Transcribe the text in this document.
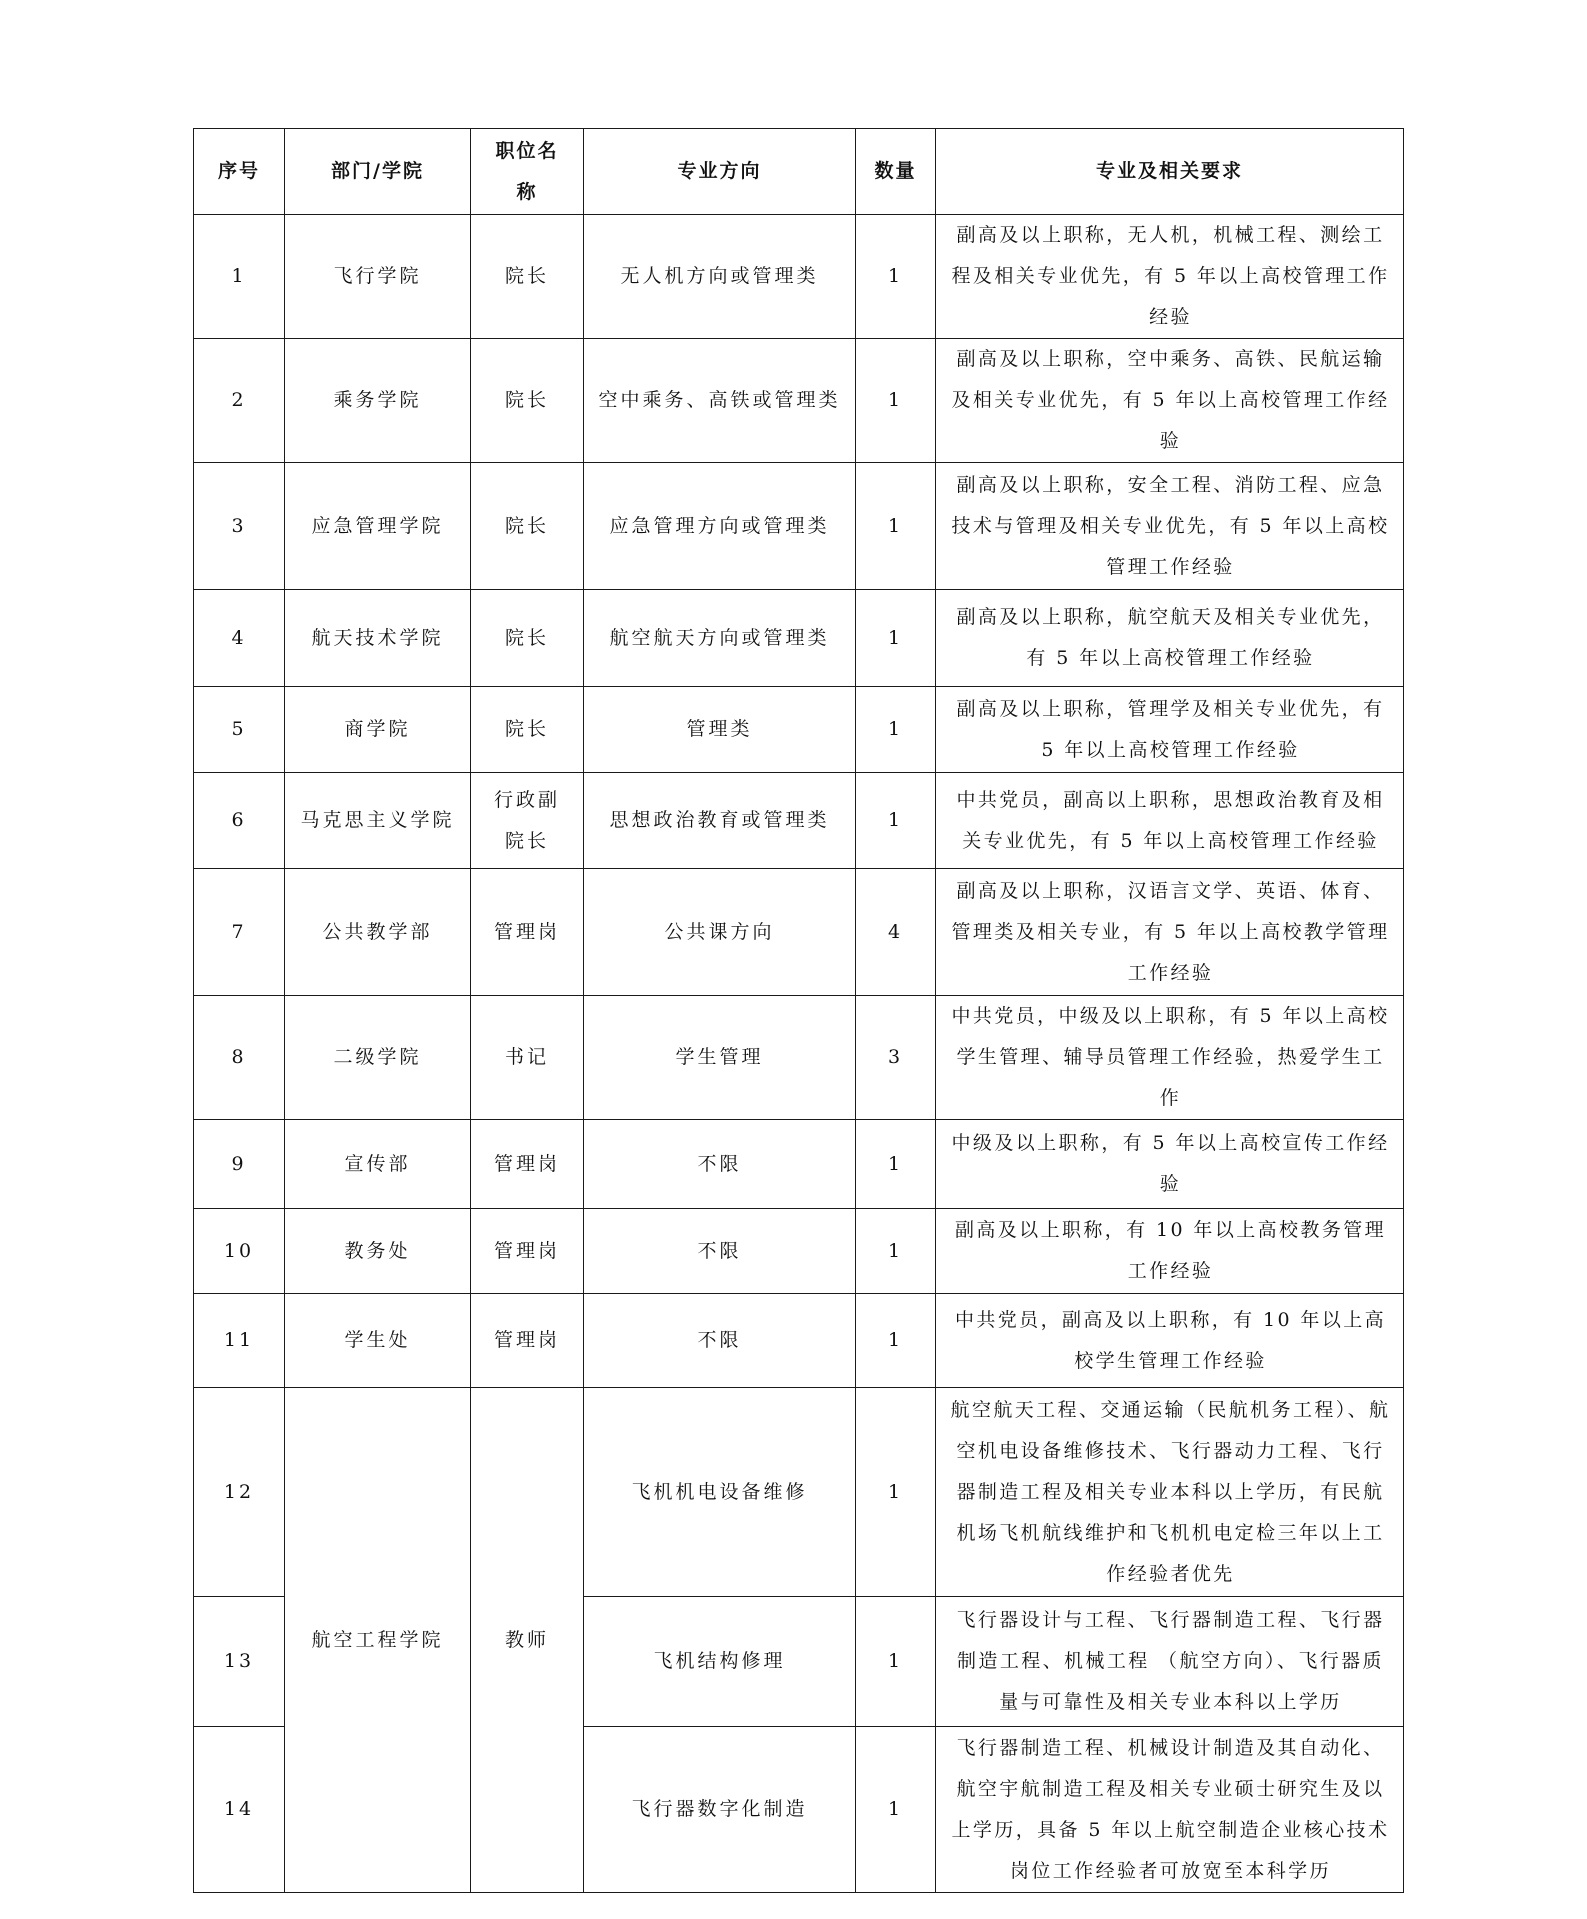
序号	部门/学院	职位名称	专业方向	数量	专业及相关要求
1	飞行学院	院长	无人机方向或管理类	1	副高及以上职称，无人机，机械工程、测绘工程及相关专业优先，有 5 年以上高校管理工作经验
2	乘务学院	院长	空中乘务、高铁或管理类	1	副高及以上职称，空中乘务、高铁、民航运输及相关专业优先，有 5 年以上高校管理工作经验
3	应急管理学院	院长	应急管理方向或管理类	1	副高及以上职称，安全工程、消防工程、应急技术与管理及相关专业优先，有 5 年以上高校管理工作经验
4	航天技术学院	院长	航空航天方向或管理类	1	副高及以上职称，航空航天及相关专业优先，有 5 年以上高校管理工作经验
5	商学院	院长	管理类	1	副高及以上职称，管理学及相关专业优先，有 5 年以上高校管理工作经验
6	马克思主义学院	行政副院长	思想政治教育或管理类	1	中共党员，副高以上职称，思想政治教育及相关专业优先，有 5 年以上高校管理工作经验
7	公共教学部	管理岗	公共课方向	4	副高及以上职称，汉语言文学、英语、体育、管理类及相关专业，有 5 年以上高校教学管理工作经验
8	二级学院	书记	学生管理	3	中共党员，中级及以上职称，有 5 年以上高校学生管理、辅导员管理工作经验，热爱学生工作
9	宣传部	管理岗	不限	1	中级及以上职称，有 5 年以上高校宣传工作经验
10	教务处	管理岗	不限	1	副高及以上职称，有 10 年以上高校教务管理工作经验
11	学生处	管理岗	不限	1	中共党员，副高及以上职称，有 10 年以上高校学生管理工作经验
12	航空工程学院	教师	飞机机电设备维修	1	航空航天工程、交通运输（民航机务工程）、航空机电设备维修技术、飞行器动力工程、飞行器制造工程及相关专业本科以上学历，有民航机场飞机航线维护和飞机机电定检三年以上工作经验者优先
13			飞机结构修理	1	飞行器设计与工程、飞行器制造工程、飞行器制造工程、机械工程 （航空方向）、飞行器质量与可靠性及相关专业本科以上学历
14			飞行器数字化制造	1	飞行器制造工程、机械设计制造及其自动化、航空宇航制造工程及相关专业硕士研究生及以上学历，具备 5 年以上航空制造企业核心技术岗位工作经验者可放宽至本科学历
